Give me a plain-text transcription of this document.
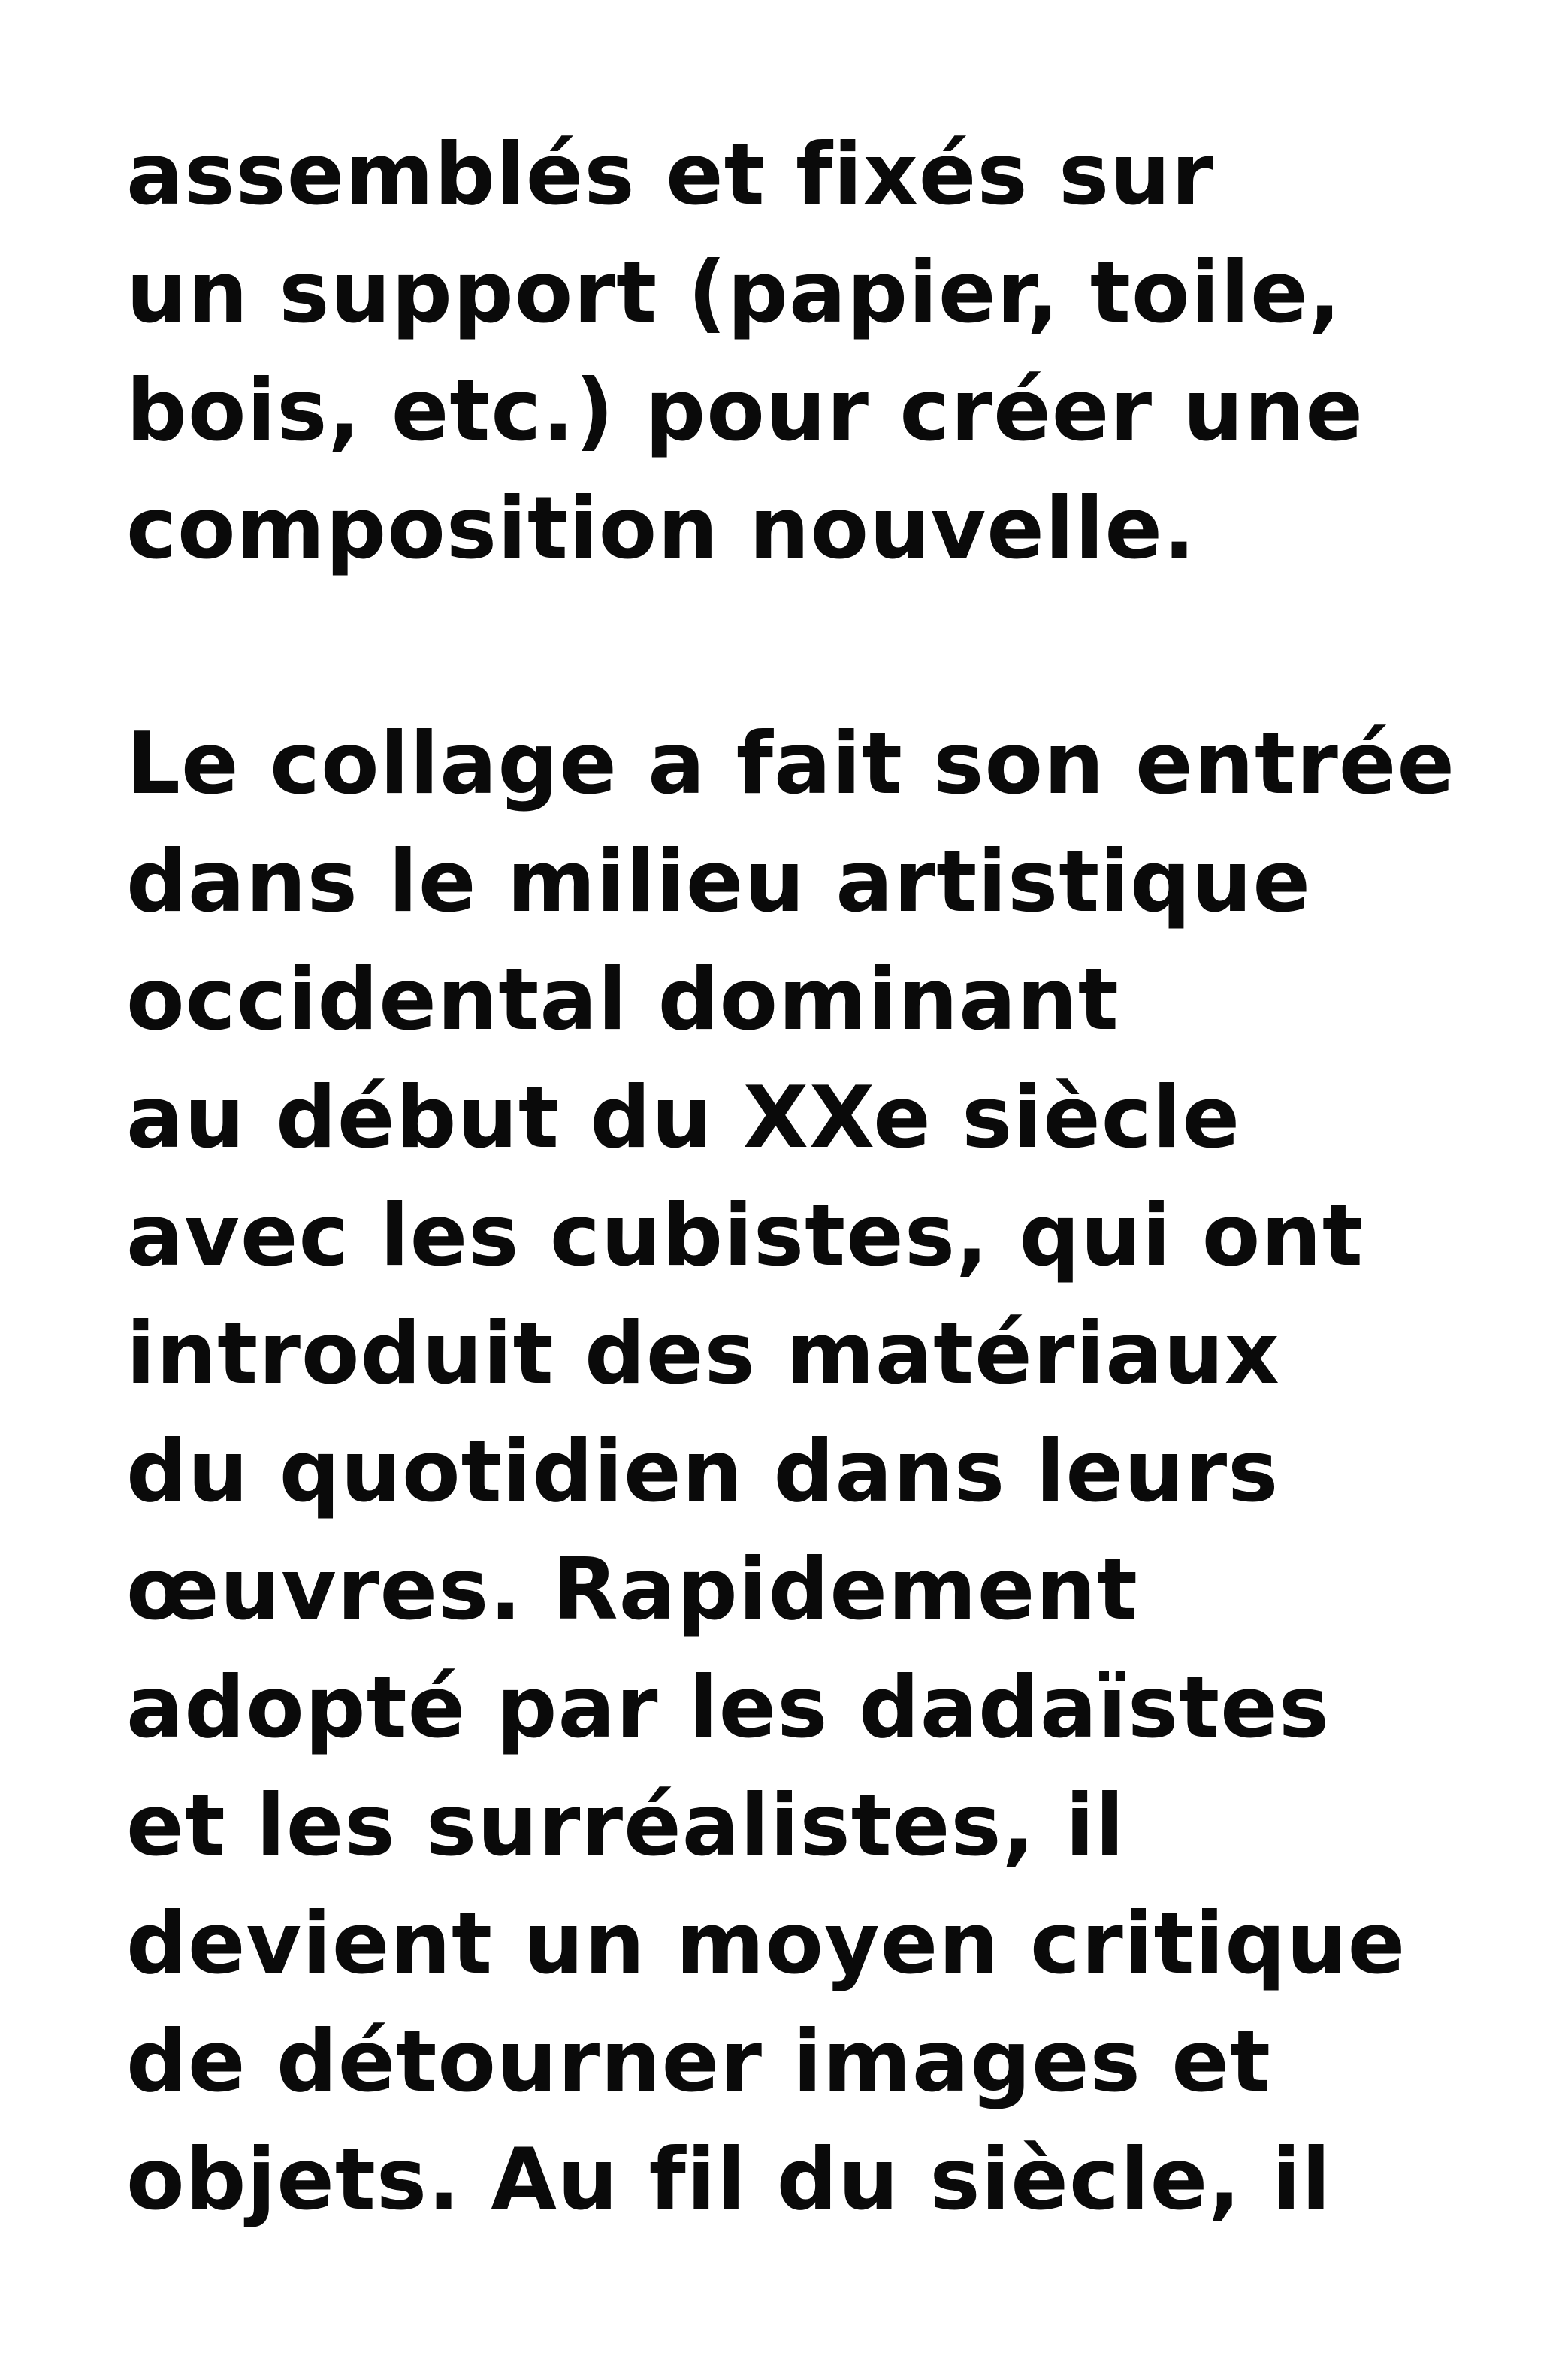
assemblés et fixés sur
un support (papier, toile,
bois, etc.) pour créer une
composition nouvelle.

Le collage a fait son entrée
dans le milieu artistique
occidental dominant
au début du XXe siècle
avec les cubistes, qui ont
introduit des matériaux
du quotidien dans leurs
œuvres. Rapidement
adopté par les dadaïstes
et les surréalistes, il
devient un moyen critique
de détourner images et
objets. Au fil du siècle, il
